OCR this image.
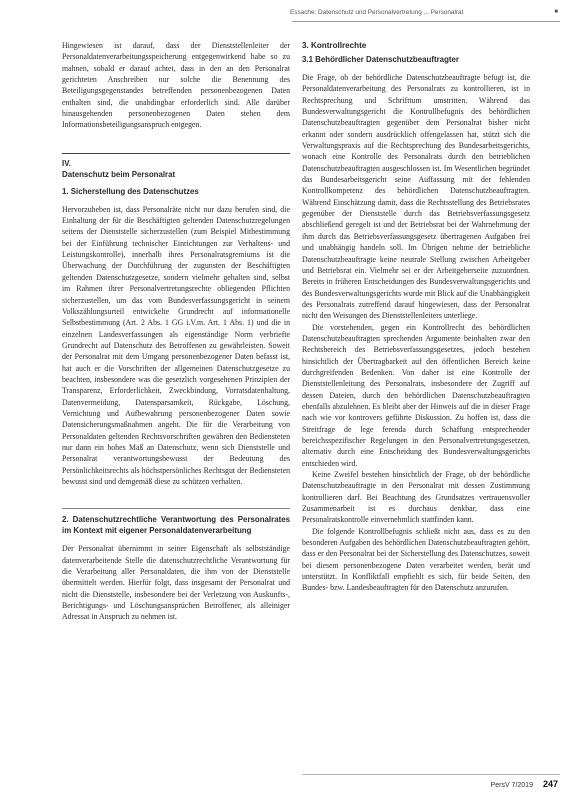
Essache: Datenschutz und Personalvertretung ... Personalrat	■

Hingewiesen ist darauf, dass der Dienststellenleiter der Personaldatenverarbeitungsspeicherung entgegenwirkend habe so zu mahnen, sobald er darauf achtet, dass in den an den Personalrat gerichteten Anschreiben nur solche die Benennung des Beteiligungsgegenstandes betreffenden personenbezogenen Daten enthalten sind, die unabdingbar erforderlich sind. Alle darüber hinausgehenden personenbezogenen Daten stehen dem Informationsbeteiligungsanspruch entgegen.

IV.
Datenschutz beim Personalrat
1. Sicherstellung des Datenschutzes

Hervorzuheben ist, dass Personalräte nicht nur dazu berufen sind, die Einhaltung der für die Beschäftigten geltenden Datenschutzregelungen seitens der Dienststelle sicherzustellen (zum Beispiel Mitbestimmung bei der Einführung technischer Einrichtungen zur Verhaltens- und Leistungskontrolle), innerhalb ihres Personalratsgremiums ist die Überwachung der Durchführung der zugunsten der Beschäftigten geltenden Datenschutzgesetze, sondern vielmehr gehalten sind, selbst im Rahmen ihrer Personalvertretungsrechte obliegenden Pflichten sicherzustellen, um das vom Bundesverfassungsgericht in seinem Volkszählungsurteil entwickelte Grundrecht auf informationelle Selbstbestimmung (Art. 2 Abs. 1 GG i.V.m. Art. 1 Abs. 1) und die in einzelnen Landesverfassungen als eigenständige Norm verbriefte Grundrecht auf Datenschutz des Betroffenen zu gewährleisten. Soweit der Personalrat mit dem Umgang personenbezogener Daten befasst ist, hat auch er die Vorschriften der allgemeinen Datenschutzgesetze zu beachten, insbesondere was die gesetzlich vorgesehenen Prinzipien der Transparenz, Erforderlichkeit, Zweckbindung, Vorratsdatenhaltung, Datenvermeidung, Datensparsamkeit, Rückgabe, Löschung, Vernichtung und Aufbewahrung personenbezogener Daten sowie Datensicherungsmaßnahmen angeht. Die für die Verarbeitung von Personaldaten geltenden Rechtsvorschriften gewähren den Bediensteten nur dann ein hohes Maß an Datenschutz, wenn sich Dienststelle und Personalrat verantwortungsbewusst der Bedeutung des Persönlichkeitsrechts als höchstpersönliches Rechtsgut der Bediensteten bewusst sind und demgemäß diese zu schützen verhalten.

2. Datenschutzrechtliche Verantwortung des Personalrates im Kontext mit eigener Personaldatenverarbeitung

Der Personalrat übernimmt in seiner Eigenschaft als selbstständige datenverarbeitende Stelle die datenschutzrechtliche Verantwortung für die Verarbeitung aller Personaldaten, die ihm von der Dienststelle übermittelt werden. Hierfür folgt, dass insgesamt der Personalrat und nicht die Dienststelle, insbesondere bei der Verletzung von Auskunfts-, Berichtigungs- und Löschungsansprüchen Betroffener, als alleiniger Adressat in Anspruch zu nehmen ist.

3. Kontrollrechte
3.1 Behördlicher Datenschutzbeauftragter

Die Frage, ob der behördliche Datenschutzbeauftragte befugt ist, die Personaldatenverarbeitung des Personalrats zu kontrollieren, ist in Rechtsprechung und Schrifttum umstritten. Während das Bundesverwaltungsgericht die Kontrollbefugnis des behördlichen Datenschutzbeauftragten gegenüber dem Personalrat bisher nicht erkannt oder sondern ausdrücklich offengelassen hat, stützt sich die Verwaltungspraxis auf die Rechtsprechung des Bundesarbeitsgerichts, wonach eine Kontrolle des Personalrats durch den betrieblichen Datenschutzbeauftragten ausgeschlossen ist. Im Wesentlichen begründet das Bundesarbeitsgericht seine Auffassung mit der fehlenden Kontrollkompetenz des behördlichen Datenschutzbeauftragten. Während Einschätzung damit, dass die Rechtsstellung des Betriebsrates gegenüber der Dienststelle durch das Betriebsverfassungsgesetz abschließend geregelt ist und der Betriebsrat bei der Wahrnehmung der ihm durch das Betriebsverfassungsgesetz übertragenen Aufgaben frei und unabhängig handeln soll. Im Übrigen nehme der betriebliche Datenschutzbeauftragte keine neutrale Stellung zwischen Arbeitgeber und Betriebsrat ein. Vielmehr sei er der Arbeitgeberseite zuzuordnen. Bereits in früheren Entscheidungen des Bundesverwaltungsgerichts und des Bundesverwaltungsgerichts wurde mit Blick auf die Unabhängigkeit des Personalrats zutreffend darauf hingewiesen, dass der Personalrat nicht den Weisungen des Dienststellenleiters unterliege.

Die vorstehenden, gegen ein Kontrollrecht des behördlichen Datenschutzbeauftragten sprechenden Argumente beinhalten zwar den Rechtsbereich des Betriebsverfassungsgesetzes, jedoch bestehen hinsichtlich der Übertragbarkeit auf den öffentlichen Bereich keine durchgreifenden Bedenken. Von daher ist eine Kontrolle der Dienststellenleitung des Personalrats, insbesondere der Zugriff auf dessen Dateien, durch den behördlichen Datenschutzbeauftragten ebenfalls abzulehnen. Es bleibt aber der Hinweis auf die in dieser Frage nach wie vor kontrovers geführte Diskussion. Zu hoffen ist, dass die Streitfrage de lege ferenda durch Schaffung entsprechender bereichsspezifischer Regelungen in den Personalvertretungsgesetzen, alternativ durch eine Entscheidung des Bundesverwaltungsgerichts entschieden wird.

Keine Zweifel bestehen hinsichtlich der Frage, ob der behördliche Datenschutzbeauftragte in den Personalrat mit dessen Zustimmung kontrollieren darf. Bei Beachtung des Grundsatzes vertrauensvoller Zusammenarbeit ist es durchaus denkbar, dass eine Personalratskontrolle einvernehmlich stattfinden kann.

Die folgende Kontrollbefugnis schließt nicht aus, dass es zu den besonderen Aufgaben des behördlichen Datenschutzbeauftragten gehört, dass er den Personalrat bei der Sicherstellung des Datenschutzes, soweit bei diesem personenbezogene Daten verarbeitet werden, berät und unterstützt. In Konfliktfall empfiehlt es sich, für beide Seiten, den Bundes- bzw. Landesbeauftragten für den Datenschutz anzurufen.

PersV 7/2019 247
